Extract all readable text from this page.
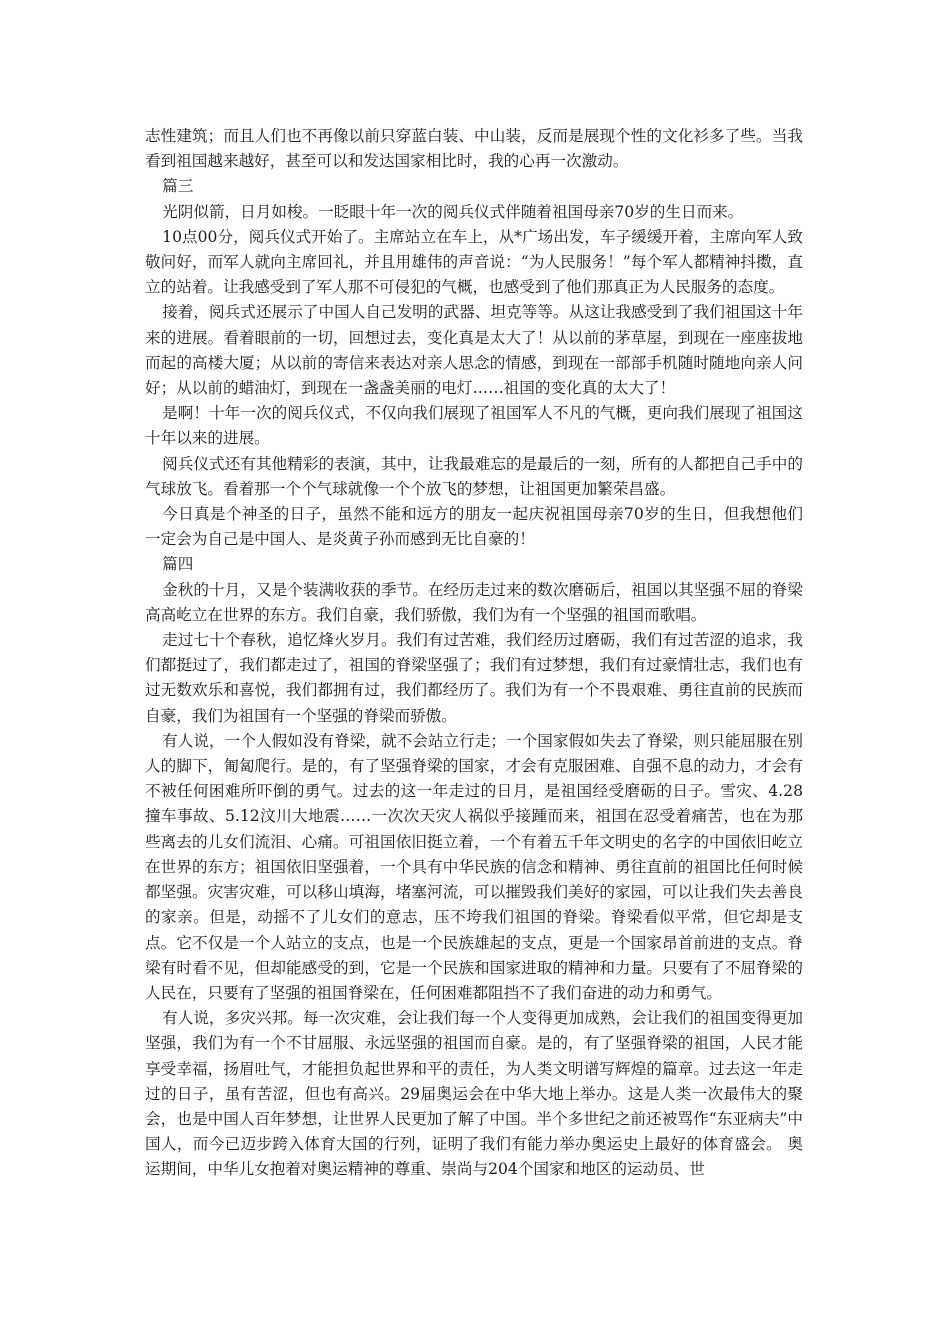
志性建筑；而且人们也不再像以前只穿蓝白装、中山装，反而是展现个性的文化衫多了些。当我看到祖国越来越好，甚至可以和发达国家相比时，我的心再一次激动。

篇三

光阴似箭，日月如梭。一眨眼十年一次的阅兵仪式伴随着祖国母亲70岁的生日而来。

10点00分，阅兵仪式开始了。主席站立在车上，从*广场出发，车子缓缓开着，主席向军人致敬问好，而军人就向主席回礼，并且用雄伟的声音说：“为人民服务！”每个军人都精神抖擞，直立的站着。让我感受到了军人那不可侵犯的气概，也感受到了他们那真正为人民服务的态度。

接着，阅兵式还展示了中国人自己发明的武器、坦克等等。从这让我感受到了我们祖国这十年来的进展。看着眼前的一切，回想过去，变化真是太大了！从以前的茅草屋，到现在一座座拔地而起的高楼大厦；从以前的寄信来表达对亲人思念的情感，到现在一部部手机随时随地向亲人问好；从以前的蜡油灯，到现在一盏盏美丽的电灯……祖国的变化真的太大了！

是啊！十年一次的阅兵仪式，不仅向我们展现了祖国军人不凡的气概，更向我们展现了祖国这十年以来的进展。

阅兵仪式还有其他精彩的表演，其中，让我最难忘的是最后的一刻，所有的人都把自己手中的气球放飞。看着那一个个气球就像一个个放飞的梦想，让祖国更加繁荣昌盛。

今日真是个神圣的日子，虽然不能和远方的朋友一起庆祝祖国母亲70岁的生日，但我想他们一定会为自己是中国人、是炎黄子孙而感到无比自豪的！

篇四

金秋的十月，又是个装满收获的季节。在经历走过来的数次磨砺后，祖国以其坚强不屈的脊梁高高屹立在世界的东方。我们自豪，我们骄傲，我们为有一个坚强的祖国而歌唱。

走过七十个春秋，追忆烽火岁月。我们有过苦难，我们经历过磨砺，我们有过苦涩的追求，我们都挺过了，我们都走过了，祖国的脊梁坚强了；我们有过梦想，我们有过豪情壮志，我们也有过无数欢乐和喜悦，我们都拥有过，我们都经历了。我们为有一个不畏艰难、勇往直前的民族而自豪，我们为祖国有一个坚强的脊梁而骄傲。

有人说，一个人假如没有脊梁，就不会站立行走；一个国家假如失去了脊梁，则只能屈服在别人的脚下，匍匐爬行。是的，有了坚强脊梁的国家，才会有克服困难、自强不息的动力，才会有不被任何困难所吓倒的勇气。过去的这一年走过的日月，是祖国经受磨砺的日子。雪灾、4.28撞车事故、5.12汶川大地震……一次次天灾人祸似乎接踵而来，祖国在忍受着痛苦，也在为那些离去的儿女们流泪、心痛。可祖国依旧挺立着，一个有着五千年文明史的名字的中国依旧屹立在世界的东方；祖国依旧坚强着，一个具有中华民族的信念和精神、勇往直前的祖国比任何时候都坚强。灾害灾难，可以移山填海，堵塞河流，可以摧毁我们美好的家园，可以让我们失去善良的家亲。但是，动摇不了儿女们的意志，压不垮我们祖国的脊梁。脊梁看似平常，但它却是支点。它不仅是一个人站立的支点，也是一个民族雄起的支点，更是一个国家昂首前进的支点。脊梁有时看不见，但却能感受的到，它是一个民族和国家进取的精神和力量。只要有了不屈脊梁的人民在，只要有了坚强的祖国脊梁在，任何困难都阻挡不了我们奋进的动力和勇气。

有人说，多灾兴邦。每一次灾难，会让我们每一个人变得更加成熟，会让我们的祖国变得更加坚强，我们为有一个不甘屈服、永远坚强的祖国而自豪。是的，有了坚强脊梁的祖国，人民才能享受幸福，扬眉吐气，才能担负起世界和平的责任，为人类文明谱写辉煌的篇章。过去这一年走过的日子，虽有苦涩，但也有高兴。29届奥运会在中华大地上举办。这是人类一次最伟大的聚会，也是中国人百年梦想，让世界人民更加了解了中国。半个多世纪之前还被骂作“东亚病夫”中国人，而今已迈步跨入体育大国的行列，证明了我们有能力举办奥运史上最好的体育盛会。 奥运期间，中华儿女抱着对奥运精神的尊重、崇尚与204个国家和地区的运动员、世
